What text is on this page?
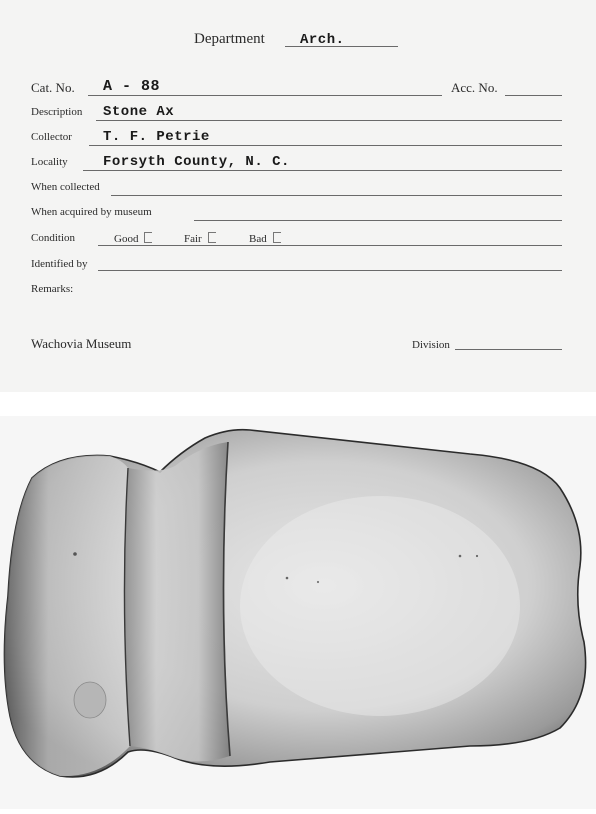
Department	Arch.
Cat. No. A - 88	Acc. No.
Description Stone Ax
Collector T. F. Petrie
Locality	Forsyth County, N. C.
When collected
When acquired by museum
Condition	Good	Fair	Bad
Identified by
Remarks:
Wachovia Museum	Division
